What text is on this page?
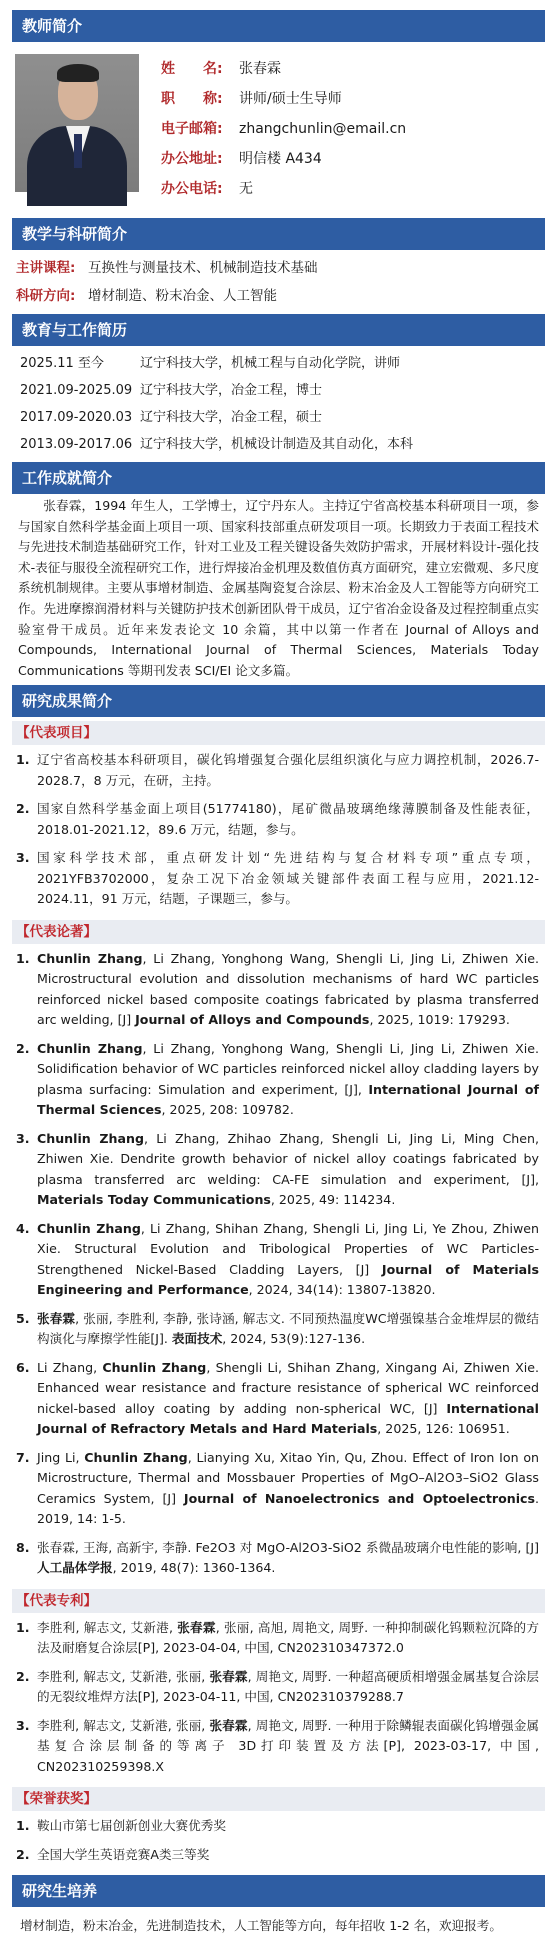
教师简介
姓　　名:	张春霖
职　　称:	讲师/硕士生导师
电子邮箱:	zhangchunlin@email.cn
办公地址:	明信楼 A434
办公电话:	无
教学与科研简介
主讲课程: 互换性与测量技术、机械制造技术基础
科研方向: 增材制造、粉末冶金、人工智能
教育与工作简历
2025.11 至今	辽宁科技大学，机械工程与自动化学院，讲师
2021.09-2025.09 辽宁科技大学，冶金工程，博士
2017.09-2020.03 辽宁科技大学，冶金工程，硕士
2013.09-2017.06 辽宁科技大学，机械设计制造及其自动化，本科
工作成就简介
张春霖，1994 年生人，工学博士，辽宁丹东人。主持辽宁省高校基本科研项目一项，参与国家自然科学基金面上项目一项、国家科技部重点研发项目一项。长期致力于表面工程技术与先进技术制造基础研究工作，针对工业及工程关键设备失效防护需求，开展材料设计-强化技术-表征与服役全流程研究工作，进行焊接冶金机理及数值仿真方面研究，建立宏微观、多尺度系统机制规律。主要从事增材制造、金属基陶瓷复合涂层、粉末冶金及人工智能等方向研究工作。先进摩擦润滑材料与关键防护技术创新团队骨干成员，辽宁省冶金设备及过程控制重点实验室骨干成员。近年来发表论文 10 余篇，其中以第一作者在 Journal of Alloys and Compounds, International Journal of Thermal Sciences, Materials Today Communications 等期刊发表 SCI/EI 论文多篇。
研究成果简介
【代表项目】
1. 辽宁省高校基本科研项目，碳化钨增强复合强化层组织演化与应力调控机制，2026.7-2028.7，8 万元，在研，主持。
2. 国家自然科学基金面上项目(51774180)，尾矿微晶玻璃绝缘薄膜制备及性能表征，2018.01-2021.12，89.6 万元，结题，参与。
3. 国家科学技术部，重点研发计划“先进结构与复合材料专项”重点专项，2021YFB3702000，复杂工况下冶金领域关键部件表面工程与应用，2021.12-2024.11，91 万元，结题，子课题三，参与。
【代表论著】
1. Chunlin Zhang, Li Zhang, Yonghong Wang, Shengli Li, Jing Li, Zhiwen Xie. Microstructural evolution and dissolution mechanisms of hard WC particles reinforced nickel based composite coatings fabricated by plasma transferred arc welding, [J] Journal of Alloys and Compounds, 2025, 1019: 179293.
2. Chunlin Zhang, Li Zhang, Yonghong Wang, Shengli Li, Jing Li, Zhiwen Xie. Solidification behavior of WC particles reinforced nickel alloy cladding layers by plasma surfacing: Simulation and experiment, [J], International Journal of Thermal Sciences, 2025, 208: 109782.
3. Chunlin Zhang, Li Zhang, Zhihao Zhang, Shengli Li, Jing Li, Ming Chen, Zhiwen Xie. Dendrite growth behavior of nickel alloy coatings fabricated by plasma transferred arc welding: CA-FE simulation and experiment, [J], Materials Today Communications, 2025, 49: 114234.
4. Chunlin Zhang, Li Zhang, Shihan Zhang, Shengli Li, Jing Li, Ye Zhou, Zhiwen Xie. Structural Evolution and Tribological Properties of WC Particles-Strengthened Nickel-Based Cladding Layers, [J] Journal of Materials Engineering and Performance, 2024, 34(14): 13807-13820.
5. 张春霖, 张丽, 李胜利, 李静, 张诗涵, 解志文. 不同预热温度WC增强镍基合金堆焊层的微结构演化与摩擦学性能[J]. 表面技术, 2024, 53(9):127-136.
6. Li Zhang, Chunlin Zhang, Shengli Li, Shihan Zhang, Xingang Ai, Zhiwen Xie. Enhanced wear resistance and fracture resistance of spherical WC reinforced nickel-based alloy coating by adding non-spherical WC, [J] International Journal of Refractory Metals and Hard Materials, 2025, 126: 106951.
7. Jing Li, Chunlin Zhang, Lianying Xu, Xitao Yin, Qu, Zhou. Effect of Iron Ion on Microstructure, Thermal and Mossbauer Properties of MgO–Al2O3–SiO2 Glass Ceramics System, [J] Journal of Nanoelectronics and Optoelectronics. 2019, 14: 1-5.
8. 张春霖, 王海, 高新宇, 李静. Fe2O3 对 MgO-Al2O3-SiO2 系微晶玻璃介电性能的影响, [J] 人工晶体学报, 2019, 48(7): 1360-1364.
【代表专利】
1. 李胜利, 解志文, 艾新港, 张春霖, 张丽, 高旭, 周艳文, 周野. 一种抑制碳化钨颗粒沉降的方法及耐磨复合涂层[P], 2023-04-04, 中国, CN202310347372.0
2. 李胜利, 解志文, 艾新港, 张丽, 张春霖, 周艳文, 周野. 一种超高硬质相增强金属基复合涂层的无裂纹堆焊方法[P], 2023-04-11, 中国, CN202310379288.7
3. 李胜利, 解志文, 艾新港, 张丽, 张春霖, 周艳文, 周野. 一种用于除鳞辊表面碳化钨增强金属基复合涂层制备的等离子 3D打印装置及方法[P], 2023-03-17, 中国, CN202310259398.X
【荣誉获奖】
1. 鞍山市第七届创新创业大赛优秀奖
2. 全国大学生英语竞赛A类三等奖
研究生培养
增材制造，粉末冶金，先进制造技术，人工智能等方向，每年招收 1-2 名，欢迎报考。
